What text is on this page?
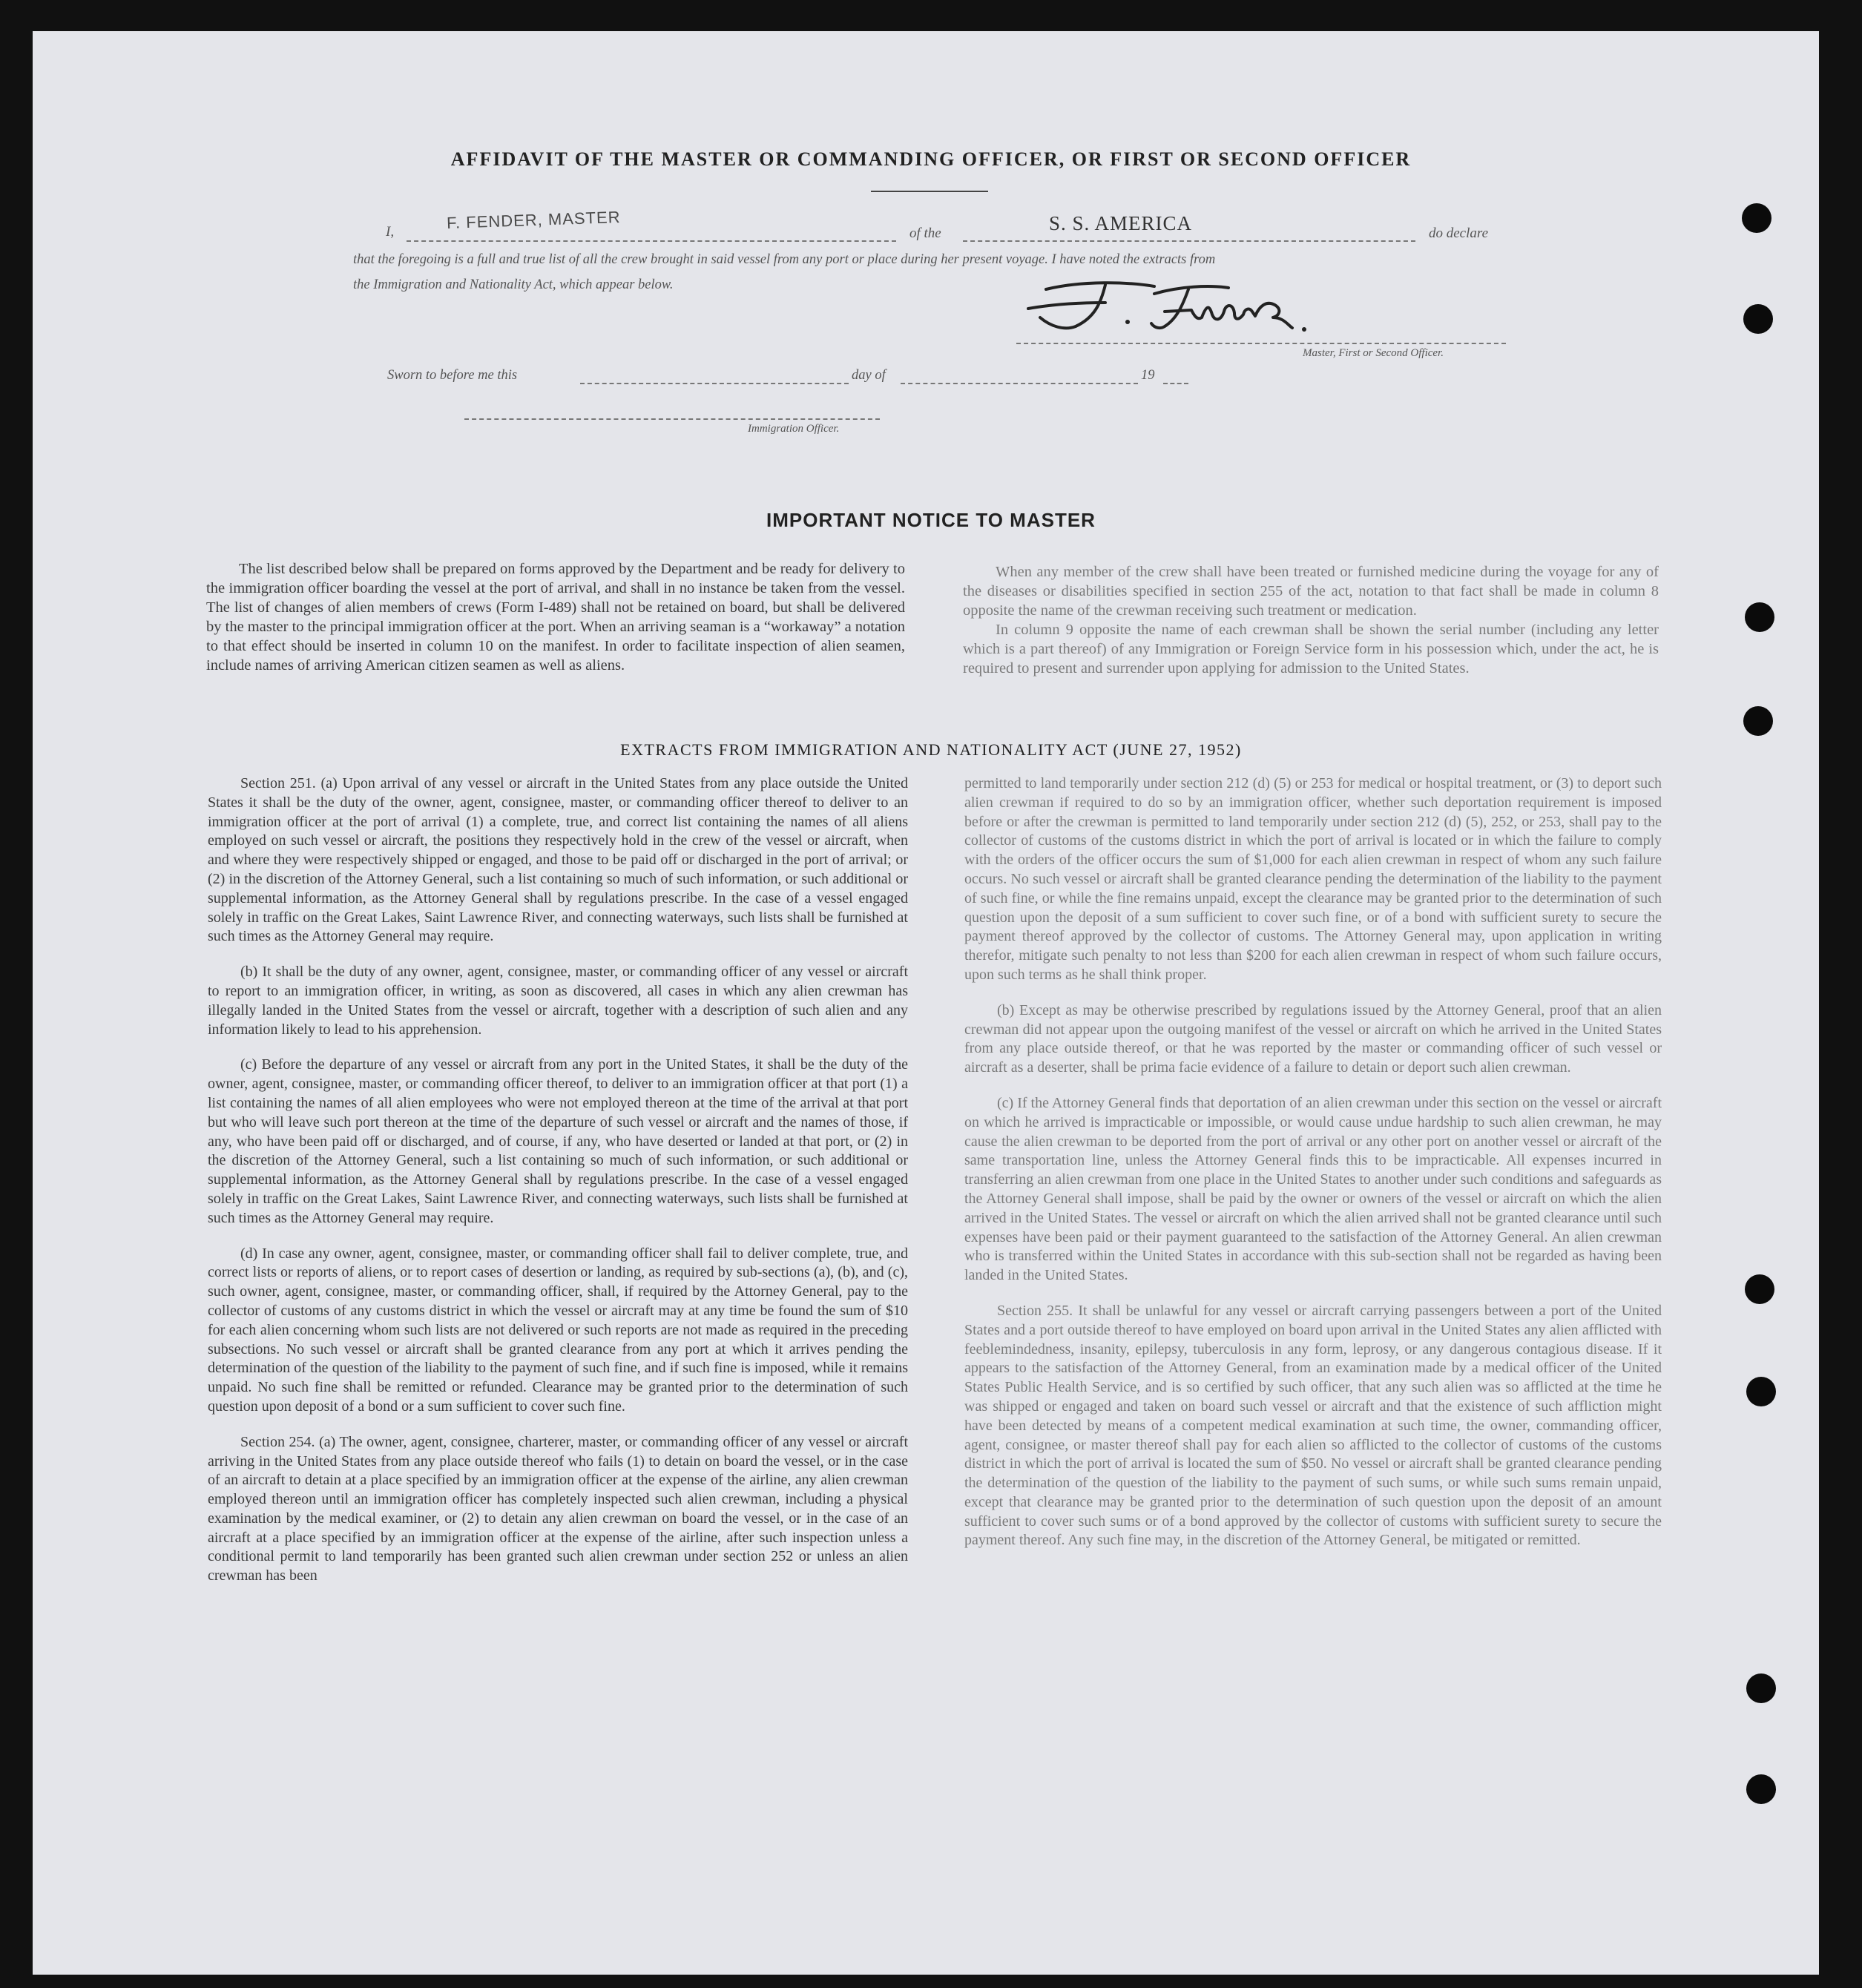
AFFIDAVIT OF THE MASTER OR COMMANDING OFFICER, OR FIRST OR SECOND OFFICER
I,	F. FENDER, MASTER
of the	S. S. AMERICA	do declare
that the foregoing is a full and true list of all the crew brought in said vessel from any port or place during her present voyage. I have noted the extracts from
the Immigration and Nationality Act, which appear below.
Master, First or Second Officer.
Sworn to before me this	day of	19
Immigration Officer.
IMPORTANT NOTICE TO MASTER

The list described below shall be prepared on forms approved by the Department and be ready for delivery to the immigration officer boarding the vessel at the port of arrival, and shall in no instance be taken from the vessel. The list of changes of alien members of crews (Form I-489) shall not be retained on board, but shall be delivered by the master to the principal immigration officer at the port. When an arriving seaman is a “workaway” a notation to that effect should be inserted in column 10 on the manifest. In order to facilitate inspection of alien seamen, include names of arriving American citizen seamen as well as aliens.

When any member of the crew shall have been treated or furnished medicine during the voyage for any of the diseases or disabilities specified in section 255 of the act, notation to that fact shall be made in column 8 opposite the name of the crewman receiving such treatment or medication.

In column 9 opposite the name of each crewman shall be shown the serial number (including any letter which is a part thereof) of any Immigration or Foreign Service form in his possession which, under the act, he is required to present and surrender upon applying for admission to the United States.

EXTRACTS FROM IMMIGRATION AND NATIONALITY ACT (JUNE 27, 1952)

Section 251. (a) Upon arrival of any vessel or aircraft in the United States from any place outside the United States it shall be the duty of the owner, agent, consignee, master, or commanding officer thereof to deliver to an immigration officer at the port of arrival (1) a complete, true, and correct list containing the names of all aliens employed on such vessel or aircraft, the positions they respectively hold in the crew of the vessel or aircraft, when and where they were respectively shipped or engaged, and those to be paid off or discharged in the port of arrival; or (2) in the discretion of the Attorney General, such a list containing so much of such information, or such additional or supplemental information, as the Attorney General shall by regulations prescribe. In the case of a vessel engaged solely in traffic on the Great Lakes, Saint Lawrence River, and connecting waterways, such lists shall be furnished at such times as the Attorney General may require.

(b) It shall be the duty of any owner, agent, consignee, master, or commanding officer of any vessel or aircraft to report to an immigration officer, in writing, as soon as discovered, all cases in which any alien crewman has illegally landed in the United States from the vessel or aircraft, together with a description of such alien and any information likely to lead to his apprehension.

(c) Before the departure of any vessel or aircraft from any port in the United States, it shall be the duty of the owner, agent, consignee, master, or commanding officer thereof, to deliver to an immigration officer at that port (1) a list containing the names of all alien employees who were not employed thereon at the time of the arrival at that port but who will leave such port thereon at the time of the departure of such vessel or aircraft and the names of those, if any, who have been paid off or discharged, and of course, if any, who have deserted or landed at that port, or (2) in the discretion of the Attorney General, such a list containing so much of such information, or such additional or supplemental information, as the Attorney General shall by regulations prescribe. In the case of a vessel engaged solely in traffic on the Great Lakes, Saint Lawrence River, and connecting waterways, such lists shall be furnished at such times as the Attorney General may require.

(d) In case any owner, agent, consignee, master, or commanding officer shall fail to deliver complete, true, and correct lists or reports of aliens, or to report cases of desertion or landing, as required by sub-sections (a), (b), and (c), such owner, agent, consignee, master, or commanding officer, shall, if required by the Attorney General, pay to the collector of customs of any customs district in which the vessel or aircraft may at any time be found the sum of $10 for each alien concerning whom such lists are not delivered or such reports are not made as required in the preceding subsections. No such vessel or aircraft shall be granted clearance from any port at which it arrives pending the determination of the question of the liability to the payment of such fine, and if such fine is imposed, while it remains unpaid. No such fine shall be remitted or refunded. Clearance may be granted prior to the determination of such question upon deposit of a bond or a sum sufficient to cover such fine.

Section 254. (a) The owner, agent, consignee, charterer, master, or commanding officer of any vessel or aircraft arriving in the United States from any place outside thereof who fails (1) to detain on board the vessel, or in the case of an aircraft to detain at a place specified by an immigration officer at the expense of the airline, any alien crewman employed thereon until an immigration officer has completely inspected such alien crewman, including a physical examination by the medical examiner, or (2) to detain any alien crewman on board the vessel, or in the case of an aircraft at a place specified by an immigration officer at the expense of the airline, after such inspection unless a conditional permit to land temporarily has been granted such alien crewman under section 252 or unless an alien crewman has been

permitted to land temporarily under section 212 (d) (5) or 253 for medical or hospital treatment, or (3) to deport such alien crewman if required to do so by an immigration officer, whether such deportation requirement is imposed before or after the crewman is permitted to land temporarily under section 212 (d) (5), 252, or 253, shall pay to the collector of customs of the customs district in which the port of arrival is located or in which the failure to comply with the orders of the officer occurs the sum of $1,000 for each alien crewman in respect of whom any such failure occurs. No such vessel or aircraft shall be granted clearance pending the determination of the liability to the payment of such fine, or while the fine remains unpaid, except the clearance may be granted prior to the determination of such question upon the deposit of a sum sufficient to cover such fine, or of a bond with sufficient surety to secure the payment thereof approved by the collector of customs. The Attorney General may, upon application in writing therefor, mitigate such penalty to not less than $200 for each alien crewman in respect of whom such failure occurs, upon such terms as he shall think proper.

(b) Except as may be otherwise prescribed by regulations issued by the Attorney General, proof that an alien crewman did not appear upon the outgoing manifest of the vessel or aircraft on which he arrived in the United States from any place outside thereof, or that he was reported by the master or commanding officer of such vessel or aircraft as a deserter, shall be prima facie evidence of a failure to detain or deport such alien crewman.

(c) If the Attorney General finds that deportation of an alien crewman under this section on the vessel or aircraft on which he arrived is impracticable or impossible, or would cause undue hardship to such alien crewman, he may cause the alien crewman to be deported from the port of arrival or any other port on another vessel or aircraft of the same transportation line, unless the Attorney General finds this to be impracticable. All expenses incurred in transferring an alien crewman from one place in the United States to another under such conditions and safeguards as the Attorney General shall impose, shall be paid by the owner or owners of the vessel or aircraft on which the alien arrived in the United States. The vessel or aircraft on which the alien arrived shall not be granted clearance until such expenses have been paid or their payment guaranteed to the satisfaction of the Attorney General. An alien crewman who is transferred within the United States in accordance with this sub-section shall not be regarded as having been landed in the United States.

Section 255. It shall be unlawful for any vessel or aircraft carrying passengers between a port of the United States and a port outside thereof to have employed on board upon arrival in the United States any alien afflicted with feeblemindedness, insanity, epilepsy, tuberculosis in any form, leprosy, or any dangerous contagious disease. If it appears to the satisfaction of the Attorney General, from an examination made by a medical officer of the United States Public Health Service, and is so certified by such officer, that any such alien was so afflicted at the time he was shipped or engaged and taken on board such vessel or aircraft and that the existence of such affliction might have been detected by means of a competent medical examination at such time, the owner, commanding officer, agent, consignee, or master thereof shall pay for each alien so afflicted to the collector of customs of the customs district in which the port of arrival is located the sum of $50. No vessel or aircraft shall be granted clearance pending the determination of the question of the liability to the payment of such sums, or while such sums remain unpaid, except that clearance may be granted prior to the determination of such question upon the deposit of an amount sufficient to cover such sums or of a bond approved by the collector of customs with sufficient surety to secure the payment thereof. Any such fine may, in the discretion of the Attorney General, be mitigated or remitted.
